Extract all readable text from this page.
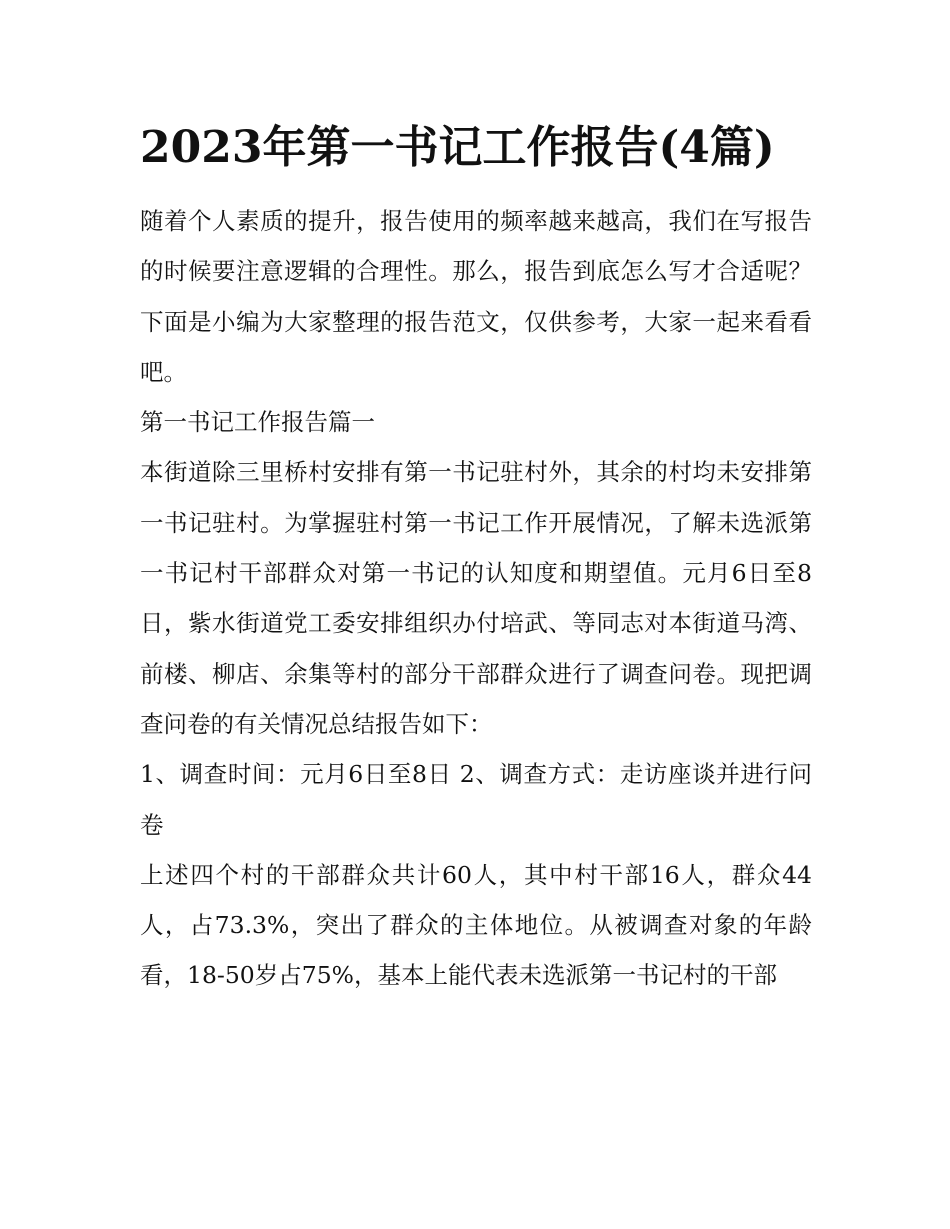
2023年第一书记工作报告(4篇)

随着个人素质的提升，报告使用的频率越来越高，我们在写报告的时候要注意逻辑的合理性。那么，报告到底怎么写才合适呢？下面是小编为大家整理的报告范文，仅供参考，大家一起来看看吧。

第一书记工作报告篇一

本街道除三里桥村安排有第一书记驻村外，其余的村均未安排第一书记驻村。为掌握驻村第一书记工作开展情况，了解未选派第一书记村干部群众对第一书记的认知度和期望值。元月6日至8日，紫水街道党工委安排组织办付培武、等同志对本街道马湾、前楼、柳店、余集等村的部分干部群众进行了调查问卷。现把调查问卷的有关情况总结报告如下：

1、调查时间：元月6日至8日 2、调查方式：走访座谈并进行问卷

上述四个村的干部群众共计60人，其中村干部16人，群众44人，占73.3%，突出了群众的主体地位。从被调查对象的年龄看，18-50岁占75%，基本上能代表未选派第一书记村的干部
